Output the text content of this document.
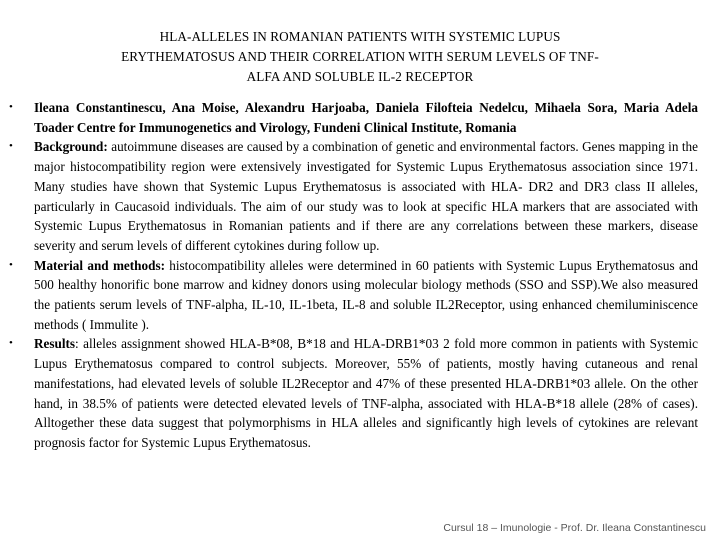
HLA-ALLELES IN ROMANIAN PATIENTS WITH SYSTEMIC LUPUS
ERYTHEMATOSUS AND THEIR CORRELATION WITH SERUM LEVELS OF TNF-
ALFA AND SOLUBLE IL-2 RECEPTOR
• Ileana Constantinescu, Ana Moise, Alexandru Harjoaba, Daniela Filofteia Nedelcu, Mihaela Sora, Maria Adela Toader Centre for Immunogenetics and Virology, Fundeni Clinical Institute, Romania
• Background: autoimmune diseases are caused by a combination of genetic and environmental factors. Genes mapping in the major histocompatibility region were extensively investigated for Systemic Lupus Erythematosus association since 1971. Many studies have shown that Systemic Lupus Erythematosus is associated with HLA- DR2 and DR3 class II alleles, particularly in Caucasoid individuals. The aim of our study was to look at specific HLA markers that are associated with Systemic Lupus Erythematosus in Romanian patients and if there are any correlations between these markers, disease severity and serum levels of different cytokines during follow up.
• Material and methods: histocompatibility alleles were determined in 60 patients with Systemic Lupus Erythematosus and 500 healthy honorific bone marrow and kidney donors using molecular biology methods (SSO and SSP).We also measured the patients serum levels of TNF-alpha, IL-10, IL-1beta, IL-8 and soluble IL2Receptor, using enhanced chemiluminiscence methods ( Immulite ).
• Results: alleles assignment showed HLA-B*08, B*18 and HLA-DRB1*03 2 fold more common in patients with Systemic Lupus Erythematosus compared to control subjects. Moreover, 55% of patients, mostly having cutaneous and renal manifestations, had elevated levels of soluble IL2Receptor and 47% of these presented HLA-DRB1*03 allele. On the other hand, in 38.5% of patients were detected elevated levels of TNF-alpha, associated with HLA-B*18 allele (28% of cases). Alltogether these data suggest that polymorphisms in HLA alleles and significantly high levels of cytokines are relevant prognosis factor for Systemic Lupus Erythematosus.
Cursul 18 – Imunologie - Prof. Dr. Ileana Constantinescu
